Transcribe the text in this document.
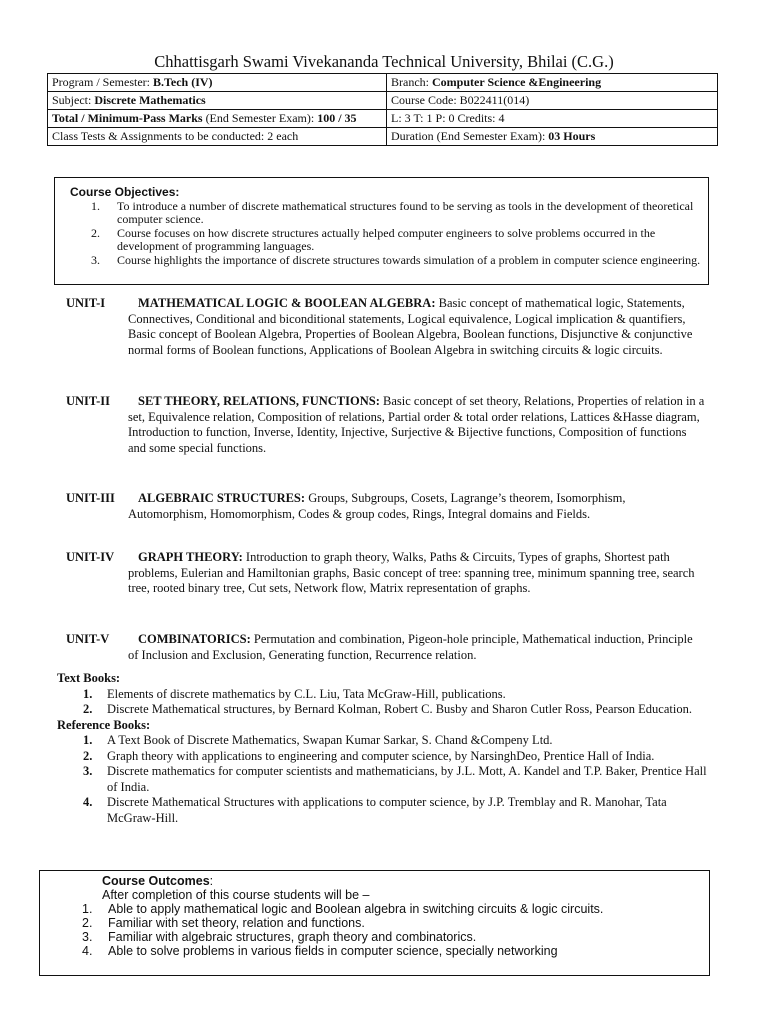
Chhattisgarh Swami Vivekananda Technical University, Bhilai (C.G.)
Program / Semester: B.Tech (IV)	Branch: Computer Science &Engineering
Subject: Discrete Mathematics	Course Code: B022411(014)
Total / Minimum-Pass Marks (End Semester Exam): 100 / 35	L: 3 T: 1 P: 0 Credits: 4
Class Tests & Assignments to be conducted: 2 each	Duration (End Semester Exam): 03 Hours
Course Objectives:
1. To introduce a number of discrete mathematical structures found to be serving as tools in the development of theoretical computer science.
2. Course focuses on how discrete structures actually helped computer engineers to solve problems occurred in the development of programming languages.
3. Course highlights the importance of discrete structures towards simulation of a problem in computer science engineering.
UNIT-I	MATHEMATICAL LOGIC & BOOLEAN ALGEBRA: Basic concept of mathematical logic, Statements, Connectives, Conditional and biconditional statements, Logical equivalence, Logical implication & quantifiers, Basic concept of Boolean Algebra, Properties of Boolean Algebra, Boolean functions, Disjunctive & conjunctive normal forms of Boolean functions, Applications of Boolean Algebra in switching circuits & logic circuits.
UNIT-II	SET THEORY, RELATIONS, FUNCTIONS: Basic concept of set theory, Relations, Properties of relation in a set, Equivalence relation, Composition of relations, Partial order & total order relations, Lattices &Hasse diagram, Introduction to function, Inverse, Identity, Injective, Surjective & Bijective functions, Composition of functions and some special functions.
UNIT-III	ALGEBRAIC STRUCTURES: Groups, Subgroups, Cosets, Lagrange’s theorem, Isomorphism, Automorphism, Homomorphism, Codes & group codes, Rings, Integral domains and Fields.
UNIT-IV	GRAPH THEORY: Introduction to graph theory, Walks, Paths & Circuits, Types of graphs, Shortest path problems, Eulerian and Hamiltonian graphs, Basic concept of tree: spanning tree, minimum spanning tree, search tree, rooted binary tree, Cut sets, Network flow, Matrix representation of graphs.
UNIT-V	COMBINATORICS: Permutation and combination, Pigeon-hole principle, Mathematical induction, Principle of Inclusion and Exclusion, Generating function, Recurrence relation.
Text Books:
1. Elements of discrete mathematics by C.L. Liu, Tata McGraw-Hill, publications.
2. Discrete Mathematical structures, by Bernard Kolman, Robert C. Busby and Sharon Cutler Ross, Pearson Education.
Reference Books:
1. A Text Book of Discrete Mathematics, Swapan Kumar Sarkar, S. Chand &Compeny Ltd.
2. Graph theory with applications to engineering and computer science, by NarsinghDeo, Prentice Hall of India.
3. Discrete mathematics for computer scientists and mathematicians, by J.L. Mott, A. Kandel and T.P. Baker, Prentice Hall of India.
4. Discrete Mathematical Structures with applications to computer science, by J.P. Tremblay and R. Manohar, Tata McGraw-Hill.
Course Outcomes:
After completion of this course students will be –
1. Able to apply mathematical logic and Boolean algebra in switching circuits & logic circuits.
2. Familiar with set theory, relation and functions.
3. Familiar with algebraic structures, graph theory and combinatorics.
4. Able to solve problems in various fields in computer science, specially networking
